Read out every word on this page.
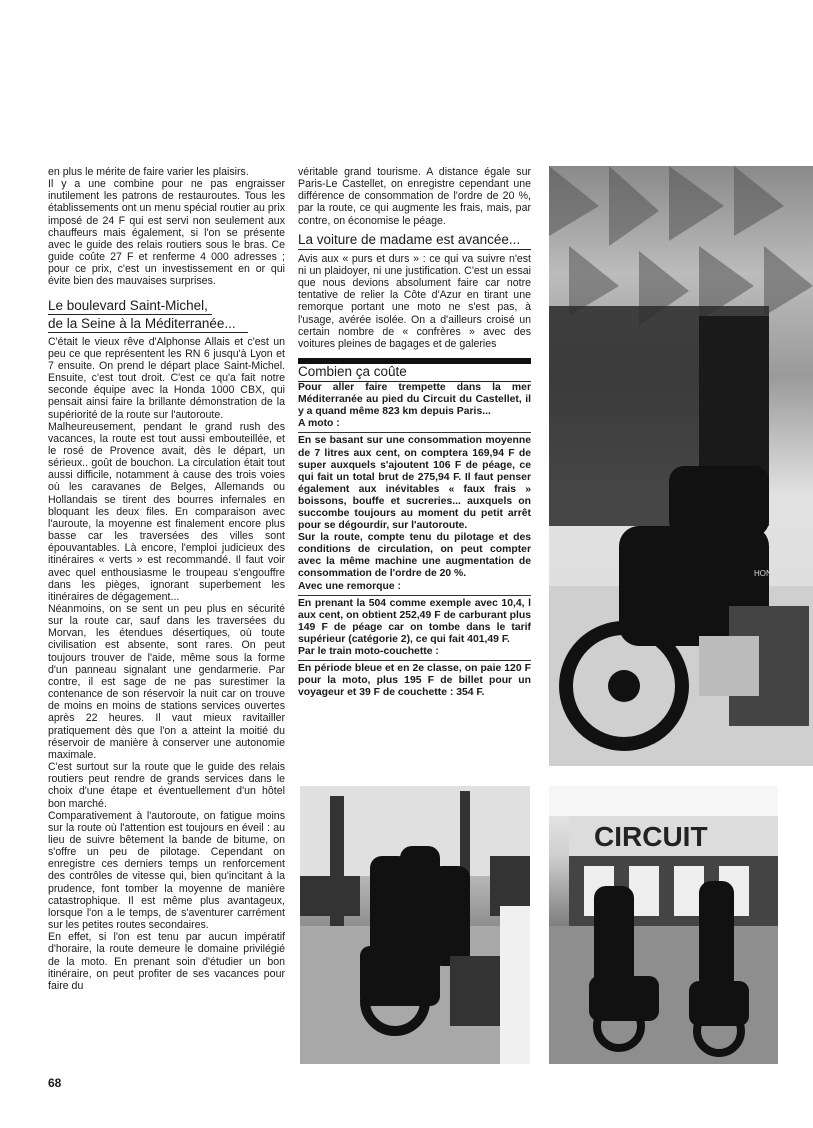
en plus le mérite de faire varier les plaisirs.

Il y a une combine pour ne pas engraisser inutilement les patrons de restauroutes. Tous les établissements ont un menu spécial routier au prix imposé de 24 F qui est servi non seulement aux chauffeurs mais également, si l'on se présente avec le guide des relais routiers sous le bras. Ce guide coûte 27 F et renferme 4 000 adresses ; pour ce prix, c'est un investissement en or qui évite bien des mauvaises surprises.

Le boulevard Saint-Michel,
de la Seine à la Méditerranée...

C'était le vieux rêve d'Alphonse Allais et c'est un peu ce que représentent les RN 6 jusqu'à Lyon et 7 ensuite. On prend le départ place Saint-Michel. Ensuite, c'est tout droit. C'est ce qu'a fait notre seconde équipe avec la Honda 1000 CBX, qui pensait ainsi faire la brillante démonstration de la supériorité de la route sur l'autoroute.

Malheureusement, pendant le grand rush des vacances, la route est tout aussi embouteillée, et le rosé de Provence avait, dès le départ, un sérieux.. goût de bouchon. La circulation était tout aussi difficile, notamment à cause des trois voies où les caravanes de Belges, Allemands ou Hollandais se tirent des bourres infernales en bloquant les deux files. En comparaison avec l'auroute, la moyenne est finalement encore plus basse car les traversées des villes sont épouvantables. Là encore, l'emploi judicieux des itinéraires « verts » est recommandé. Il faut voir avec quel enthousiasme le troupeau s'engouffre dans les pièges, ignorant superbement les itinéraires de dégagement...

Néanmoins, on se sent un peu plus en sécurité sur la route car, sauf dans les traversées du Morvan, les étendues désertiques, où toute civilisation est absente, sont rares. On peut toujours trouver de l'aide, même sous la forme d'un panneau signalant une gendarmerie. Par contre, il est sage de ne pas surestimer la contenance de son réservoir la nuit car on trouve de moins en moins de stations services ouvertes après 22 heures. Il vaut mieux ravitailler pratiquement dès que l'on a atteint la moitié du réservoir de manière à conserver une autonomie maximale.

C'est surtout sur la route que le guide des relais routiers peut rendre de grands services dans le choix d'une étape et éventuellement d'un hôtel bon marché.

Comparativement à l'autoroute, on fatigue moins sur la route où l'attention est toujours en éveil : au lieu de suivre bêtement la bande de bitume, on s'offre un peu de pilotage. Cependant on enregistre ces derniers temps un renforcement des contrôles de vitesse qui, bien qu'incitant à la prudence, font tomber la moyenne de manière catastrophique. Il est même plus avantageux, lorsque l'on a le temps, de s'aventurer carrément sur les petites routes secondaires.

En effet, si l'on est tenu par aucun impératif d'horaire, la route demeure le domaine privilégié de la moto. En prenant soin d'étudier un bon itinéraire, on peut profiter de ses vacances pour faire du

véritable grand tourisme. A distance égale sur Paris-Le Castellet, on enregistre cependant une différence de consommation de l'ordre de 20 %, par la route, ce qui augmente les frais, mais, par contre, on économise le péage.

La voiture de madame est avancée...

Avis aux « purs et durs » : ce qui va suivre n'est ni un plaidoyer, ni une justification. C'est un essai que nous devions absolument faire car notre tentative de relier la Côte d'Azur en tirant une remorque portant une moto ne s'est pas, à l'usage, avérée isolée. On a d'ailleurs croisé un certain nombre de « confrères » avec des voitures pleines de bagages et de galeries

Combien ça coûte

Pour aller faire trempette dans la mer Méditerranée au pied du Circuit du Castellet, il y a quand même 823 km depuis Paris...

A moto :

En se basant sur une consommation moyenne de 7 litres aux cent, on comptera 169,94 F de super auxquels s'ajoutent 106 F de péage, ce qui fait un total brut de 275,94 F. Il faut penser également aux inévitables « faux frais » boissons, bouffe et sucreries... auxquels on succombe toujours au moment du petit arrêt pour se dégourdir, sur l'autoroute.

Sur la route, compte tenu du pilotage et des conditions de circulation, on peut compter avec la même machine une augmentation de consommation de l'ordre de 20 %.

Avec une remorque :

En prenant la 504 comme exemple avec 10,4, l aux cent, on obtient 252,49 F de carburant plus 149 F de péage car on tombe dans le tarif supérieur (catégorie 2), ce qui fait 401,49 F.

Par le train moto-couchette :

En période bleue et en 2e classe, on paie 120 F pour la moto, plus 195 F de billet pour un voyageur et 39 F de couchette : 354 F.

HONDA
CIRCUIT
68
